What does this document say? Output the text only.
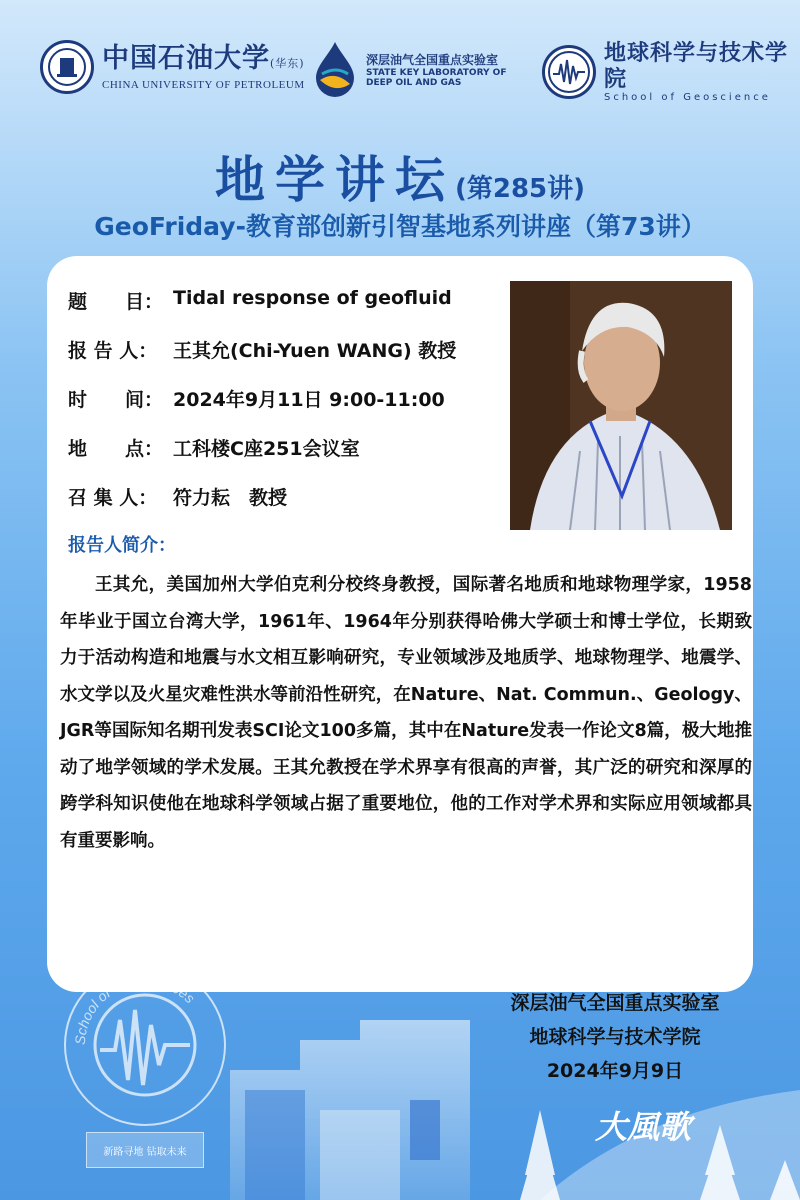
中国石油大学(华东)
CHINA UNIVERSITY OF PETROLEUM
深层油气全国重点实验室
STATE KEY LABORATORY OF
DEEP OIL AND GAS
地球科学与技术学院
School of Geoscience
地学讲坛(第285讲)
GeoFriday-教育部创新引智基地系列讲座（第73讲）
题　　目： Tidal response of geofluid
报 告 人： 王其允(Chi-Yuen WANG) 教授
时　　间： 2024年9月11日 9:00-11:00
地　　点： 工科楼C座251会议室
召 集 人： 符力耘　教授
报告人简介：
王其允，美国加州大学伯克利分校终身教授，国际著名地质和地球物理学家，1958年毕业于国立台湾大学，1961年、1964年分别获得哈佛大学硕士和博士学位，长期致力于活动构造和地震与水文相互影响研究，专业领域涉及地质学、地球物理学、地震学、水文学以及火星灾难性洪水等前沿性研究，在Nature、Nat. Commun.、Geology、JGR等国际知名期刊发表SCI论文100多篇，其中在Nature发表一作论文8篇，极大地推动了地学领域的学术发展。王其允教授在学术界享有很高的声誉，其广泛的研究和深厚的跨学科知识使他在地球科学领域占据了重要地位，他的工作对学术界和实际应用领域都具有重要影响。
School of Geosciences
新路寻地 钻取未来
大風歌
深层油气全国重点实验室
地球科学与技术学院
2024年9月9日
